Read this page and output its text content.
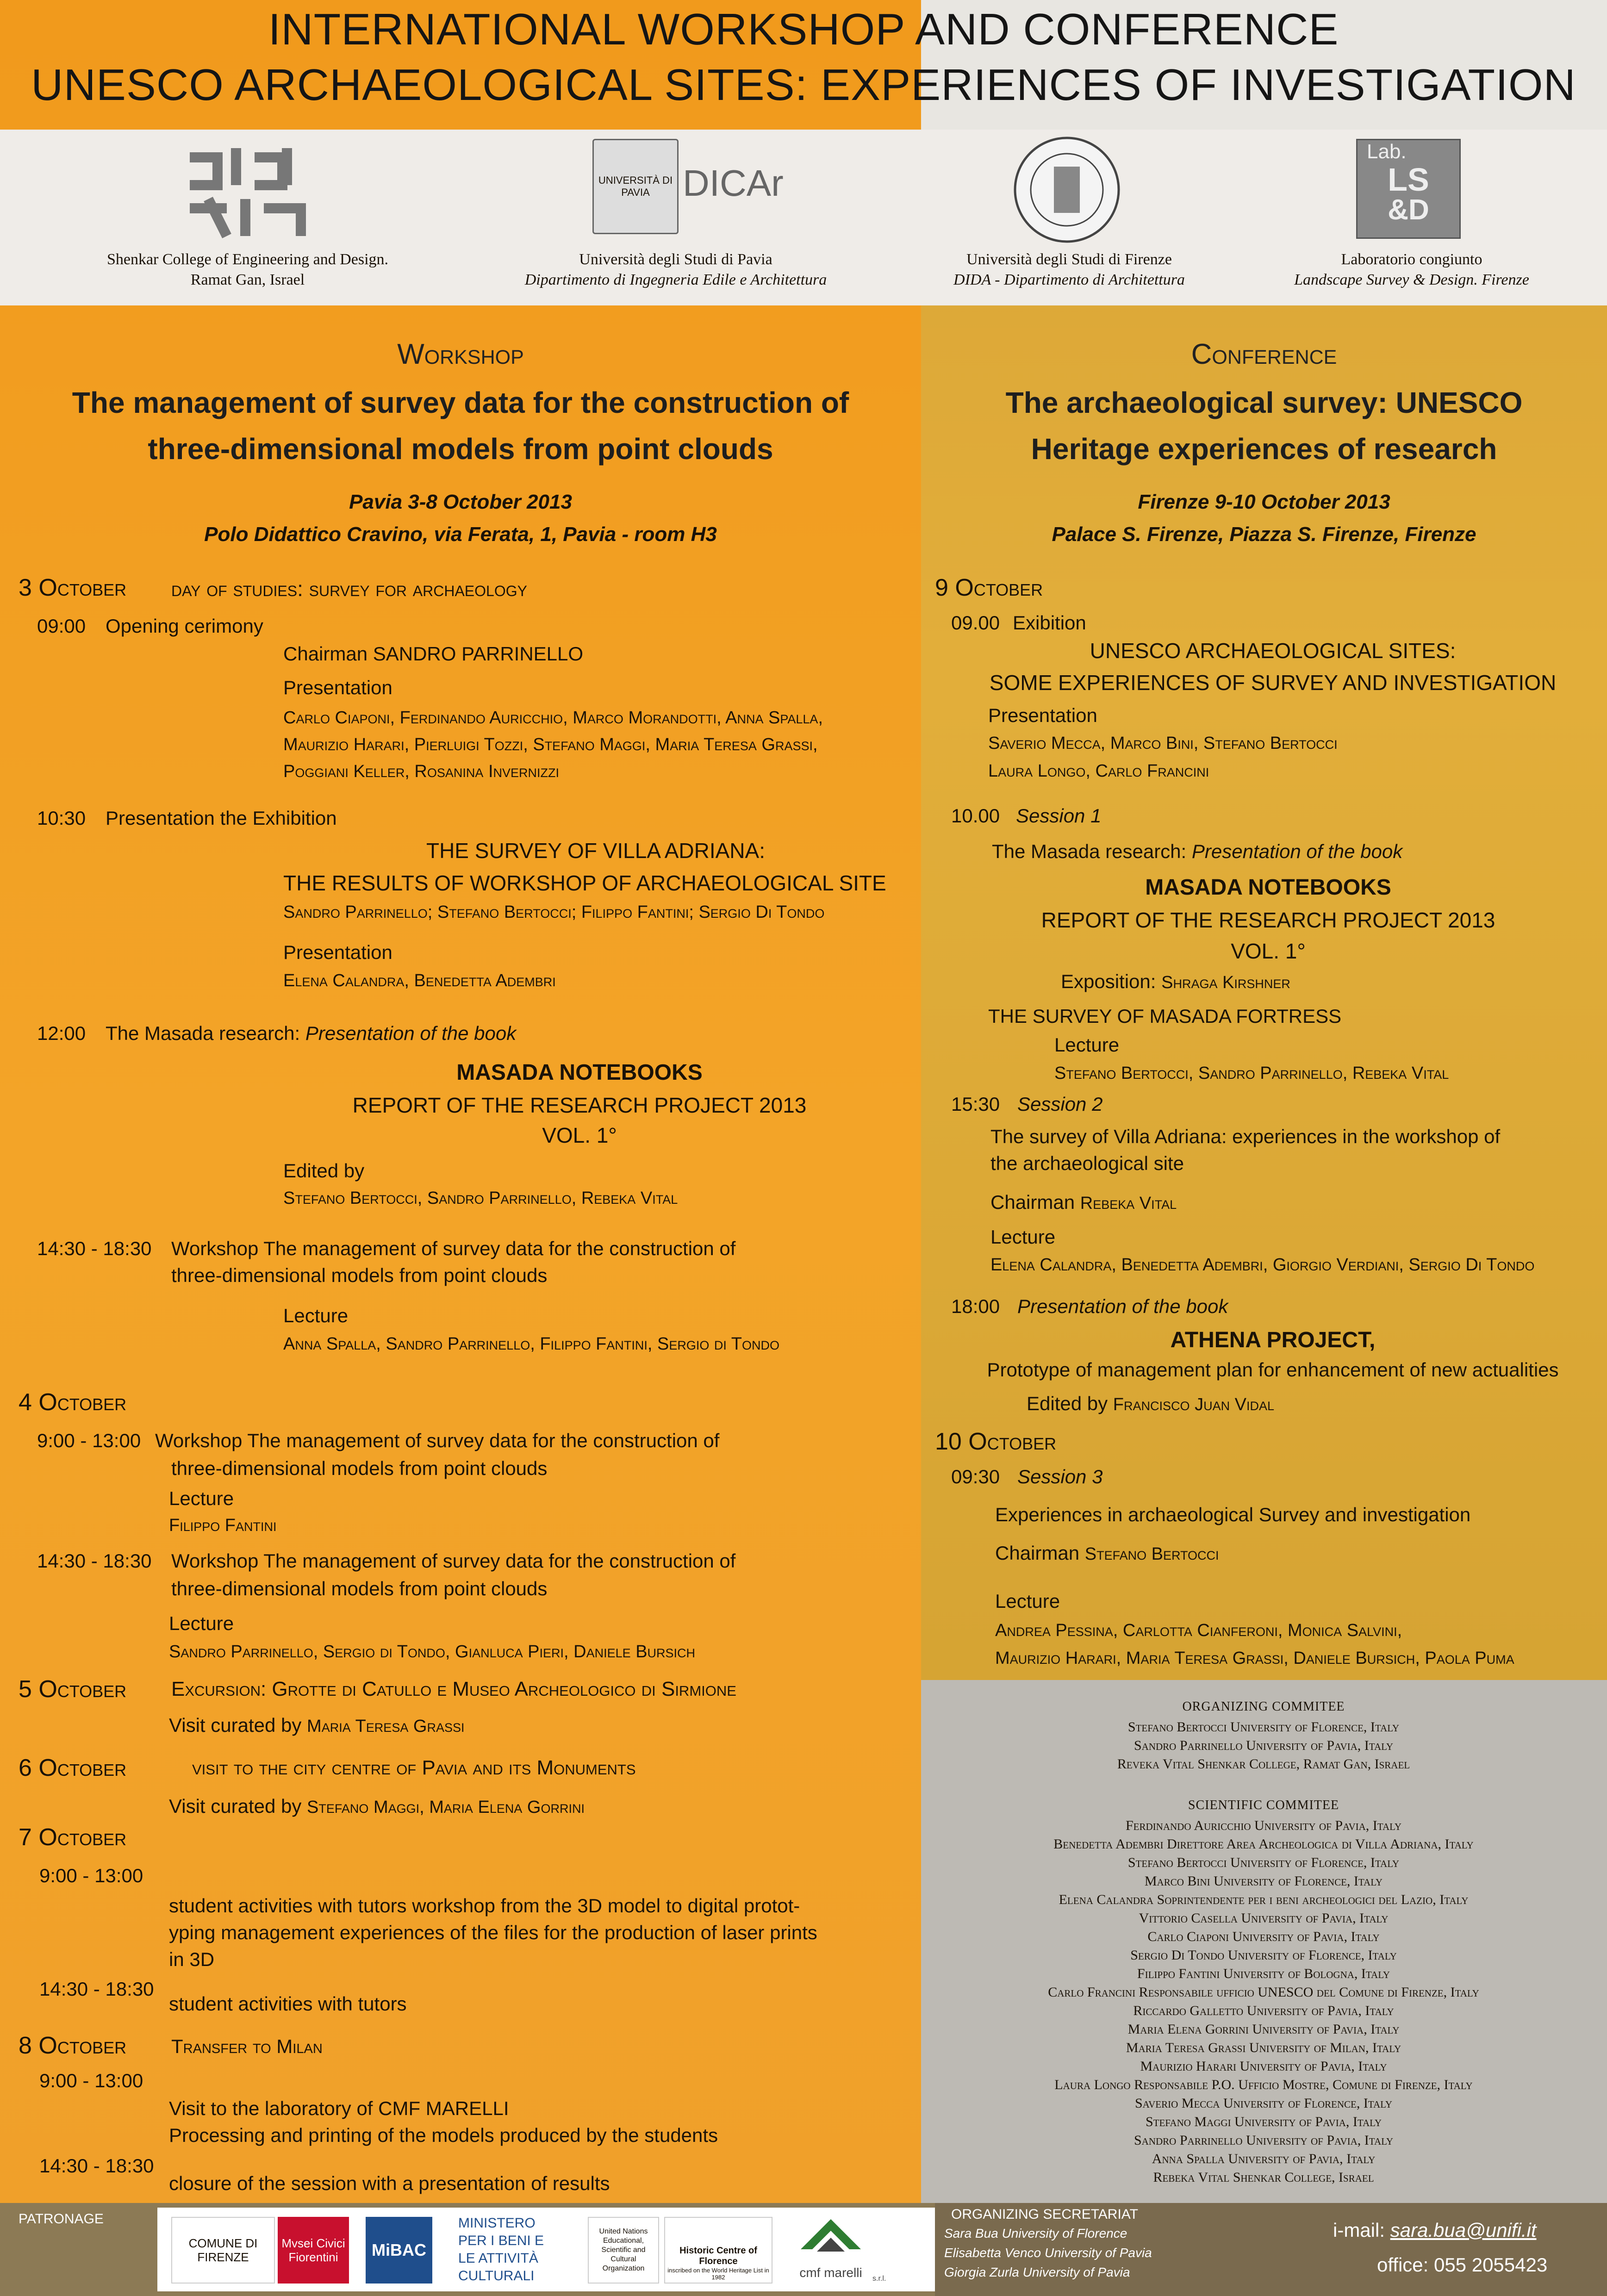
INTERNATIONAL WORKSHOP AND CONFERENCE
UNESCO ARCHAEOLOGICAL SITES: EXPERIENCES OF INVESTIGATION
Shenkar College of Engineering and Design.
Ramat Gan, Israel
UNIVERSITÀ DI PAVIA DICAr
Università degli Studi di Pavia
Dipartimento di Ingegneria Edile e Architettura
Università degli Studi di Firenze
DIDA - Dipartimento di Architettura
Lab.
LS
&D
Laboratorio congiunto
Landscape Survey & Design. Firenze
Workshop
The management of survey data for the construction of
three-dimensional models from point clouds
Pavia 3-8 October 2013
Polo Didattico Cravino, via Ferata, 1, Pavia - room H3
3 October day of studies: survey for archaeology
09:00 Opening cerimony
Chairman SANDRO PARRINELLO
Presentation
Carlo Ciaponi, Ferdinando Auricchio, Marco Morandotti, Anna Spalla,
Maurizio Harari, Pierluigi Tozzi, Stefano Maggi, Maria Teresa Grassi,
Poggiani Keller, Rosanina Invernizzi
10:30 Presentation the Exhibition
THE SURVEY OF VILLA ADRIANA:
THE RESULTS OF WORKSHOP OF ARCHAEOLOGICAL SITE
Sandro Parrinello; Stefano Bertocci; Filippo Fantini; Sergio Di Tondo
Presentation
Elena Calandra, Benedetta Adembri
12:00 The Masada research: Presentation of the book
MASADA NOTEBOOKS
REPORT OF THE RESEARCH PROJECT 2013
VOL. 1°
Edited by
Stefano Bertocci, Sandro Parrinello, Rebeka Vital
14:30 - 18:30 Workshop The management of survey data for the construction of
three-dimensional models from point clouds
Lecture
Anna Spalla, Sandro Parrinello, Filippo Fantini, Sergio di Tondo
4 October
9:00 - 13:00 Workshop The management of survey data for the construction of
three-dimensional models from point clouds
Lecture
Filippo Fantini
14:30 - 18:30 Workshop The management of survey data for the construction of
three-dimensional models from point clouds
Lecture
Sandro Parrinello, Sergio di Tondo, Gianluca Pieri, Daniele Bursich
5 October Excursion: Grotte di Catullo e Museo Archeologico di Sirmione
Visit curated by Maria Teresa Grassi
6 October	visit to the city centre of Pavia and its Monuments
Visit curated by Stefano Maggi, Maria Elena Gorrini
7 October
9:00 - 13:00
student activities with tutors workshop from the 3D model to digital protot-
yping management experiences of the files for the production of laser prints
in 3D
14:30 - 18:30
student activities with tutors
8 October Transfer to Milan
9:00 - 13:00
Visit to the laboratory of CMF MARELLI
Processing and printing of the models produced by the students
14:30 - 18:30
closure of the session with a presentation of results
Conference
The archaeological survey: UNESCO
Heritage experiences of research
Firenze 9-10 October 2013
Palace S. Firenze, Piazza S. Firenze, Firenze
9 October
09.00 Exibition
UNESCO ARCHAEOLOGICAL SITES:
SOME EXPERIENCES OF SURVEY AND INVESTIGATION
Presentation
Saverio Mecca, Marco Bini, Stefano Bertocci
Laura Longo, Carlo Francini
10.00 Session 1
The Masada research: Presentation of the book
MASADA NOTEBOOKS
REPORT OF THE RESEARCH PROJECT 2013
VOL. 1°
Exposition: Shraga Kirshner
THE SURVEY OF MASADA FORTRESS
Lecture
Stefano Bertocci, Sandro Parrinello, Rebeka Vital
15:30 Session 2
The survey of Villa Adriana: experiences in the workshop of
the archaeological site
Chairman Rebeka Vital
Lecture
Elena Calandra, Benedetta Adembri, Giorgio Verdiani, Sergio Di Tondo
18:00 Presentation of the book
ATHENA PROJECT,
Prototype of management plan for enhancement of new actualities
Edited by Francisco Juan Vidal
10 October
09:30 Session 3
Experiences in archaeological Survey and investigation
Chairman Stefano Bertocci
Lecture
Andrea Pessina, Carlotta Cianferoni, Monica Salvini,
Maurizio Harari, Maria Teresa Grassi, Daniele Bursich, Paola Puma
ORGANIZING COMMITEE
Stefano Bertocci University of Florence, Italy
Sandro Parrinello University of Pavia, Italy
Reveka Vital Shenkar College, Ramat Gan, Israel
SCIENTIFIC COMMITEE
Ferdinando Auricchio University of Pavia, Italy
Benedetta Adembri Direttore Area Archeologica di Villa Adriana, Italy
Stefano Bertocci University of Florence, Italy
Marco Bini University of Florence, Italy
Elena Calandra Soprintendente per i beni archeologici del Lazio, Italy
Vittorio Casella University of Pavia, Italy
Carlo Ciaponi University of Pavia, Italy
Sergio Di Tondo University of Florence, Italy
Filippo Fantini University of Bologna, Italy
Carlo Francini Responsabile ufficio UNESCO del Comune di Firenze, Italy
Riccardo Galletto University of Pavia, Italy
Maria Elena Gorrini University of Pavia, Italy
Maria Teresa Grassi University of Milan, Italy
Maurizio Harari University of Pavia, Italy
Laura Longo Responsabile P.O. Ufficio Mostre, Comune di Firenze, Italy
Saverio Mecca University of Florence, Italy
Stefano Maggi University of Pavia, Italy
Sandro Parrinello University of Pavia, Italy
Anna Spalla University of Pavia, Italy
Rebeka Vital Shenkar College, Israel
PATRONAGE
COMUNE DI FIRENZE
Mvsei Civici Fiorentini	MiBAC
MINISTERO PER I BENI E LE ATTIVITÀ CULTURALI
United Nations Educational, Scientific and Cultural Organization
Historic Centre of Florence
inscribed on the World Heritage List in 1982	cmf marelli	s.r.l.
ORGANIZING SECRETARIAT
Sara Bua University of Florence
Elisabetta Venco University of Pavia
Giorgia Zurla University of Pavia
i-mail: sara.bua@unifi.it
office: 055 2055423
